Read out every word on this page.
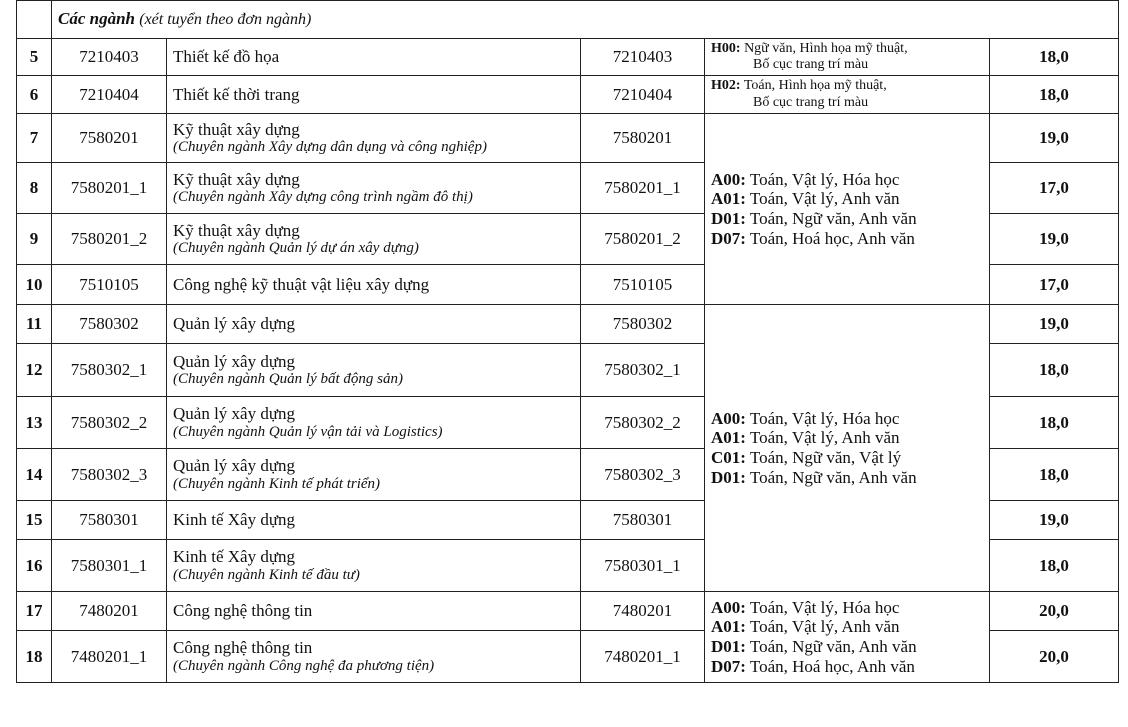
	Các ngành (xét tuyển theo đơn ngành)				
5	7210403	Thiết kế đồ họa	7210403	H00: Ngữ văn, Hình họa mỹ thuật,
Bố cục trang trí màu	18,0
6	7210404	Thiết kế thời trang	7210404	H02: Toán, Hình họa mỹ thuật,
Bố cục trang trí màu	18,0
7	7580201	Kỹ thuật xây dựng
(Chuyên ngành Xây dựng dân dụng và công nghiệp)	7580201	A00: Toán, Vật lý, Hóa học
A01: Toán, Vật lý, Anh văn
D01: Toán, Ngữ văn, Anh văn
D07: Toán, Hoá học, Anh văn	19,0
8	7580201_1	Kỹ thuật xây dựng
(Chuyên ngành Xây dựng công trình ngầm đô thị)	7580201_1		17,0
9	7580201_2	Kỹ thuật xây dựng
(Chuyên ngành Quản lý dự án xây dựng)	7580201_2		19,0
10	7510105	Công nghệ kỹ thuật vật liệu xây dựng	7510105		17,0
11	7580302	Quản lý xây dựng	7580302	A00: Toán, Vật lý, Hóa học
A01: Toán, Vật lý, Anh văn
C01: Toán, Ngữ văn, Vật lý
D01: Toán, Ngữ văn, Anh văn	19,0
12	7580302_1	Quản lý xây dựng
(Chuyên ngành Quản lý bất động sản)	7580302_1		18,0
13	7580302_2	Quản lý xây dựng
(Chuyên ngành Quản lý vận tải và Logistics)	7580302_2		18,0
14	7580302_3	Quản lý xây dựng
(Chuyên ngành Kinh tế phát triển)	7580302_3		18,0
15	7580301	Kinh tế Xây dựng	7580301		19,0
16	7580301_1	Kinh tế Xây dựng
(Chuyên ngành Kinh tế đầu tư)	7580301_1		18,0
17	7480201	Công nghệ thông tin	7480201	A00: Toán, Vật lý, Hóa học
A01: Toán, Vật lý, Anh văn
D01: Toán, Ngữ văn, Anh văn
D07: Toán, Hoá học, Anh văn	20,0
18	7480201_1	Công nghệ thông tin
(Chuyên ngành Công nghệ đa phương tiện)	7480201_1		20,0
